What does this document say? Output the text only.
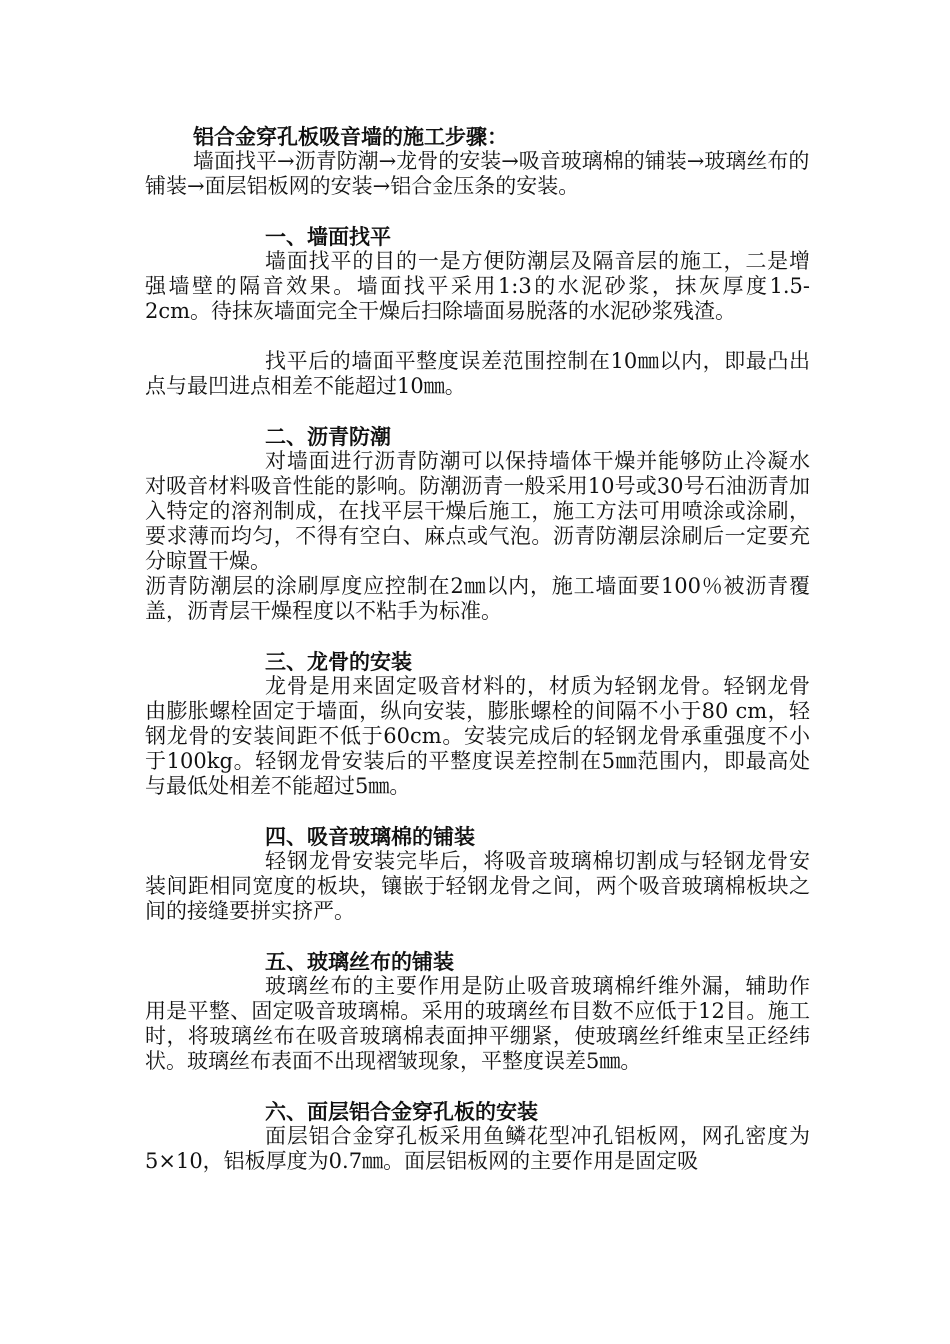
铝合金穿孔板吸音墙的施工步骤：

墙面找平→沥青防潮→龙骨的安装→吸音玻璃棉的铺装→玻璃丝布的铺装→面层铝板网的安装→铝合金压条的安装。

一、墙面找平

墙面找平的目的一是方便防潮层及隔音层的施工，二是增强墙壁的隔音效果。墙面找平采用1:3的水泥砂浆，抹灰厚度1.5-2cm。待抹灰墙面完全干燥后扫除墙面易脱落的水泥砂浆残渣。

找平后的墙面平整度误差范围控制在10㎜以内，即最凸出点与最凹进点相差不能超过10㎜。

二、沥青防潮

对墙面进行沥青防潮可以保持墙体干燥并能够防止冷凝水对吸音材料吸音性能的影响。防潮沥青一般采用10号或30号石油沥青加入特定的溶剂制成，在找平层干燥后施工，施工方法可用喷涂或涂刷，要求薄而均匀，不得有空白、麻点或气泡。沥青防潮层涂刷后一定要充分晾置干燥。

沥青防潮层的涂刷厚度应控制在2㎜以内，施工墙面要100％被沥青覆盖，沥青层干燥程度以不粘手为标准。

三、龙骨的安装

龙骨是用来固定吸音材料的，材质为轻钢龙骨。轻钢龙骨由膨胀螺栓固定于墙面，纵向安装，膨胀螺栓的间隔不小于80 cm，轻钢龙骨的安装间距不低于60cm。安装完成后的轻钢龙骨承重强度不小于100kg。轻钢龙骨安装后的平整度误差控制在5㎜范围内，即最高处与最低处相差不能超过5㎜。

四、吸音玻璃棉的铺装

轻钢龙骨安装完毕后，将吸音玻璃棉切割成与轻钢龙骨安装间距相同宽度的板块，镶嵌于轻钢龙骨之间，两个吸音玻璃棉板块之间的接缝要拼实挤严。

五、玻璃丝布的铺装

玻璃丝布的主要作用是防止吸音玻璃棉纤维外漏，辅助作用是平整、固定吸音玻璃棉。采用的玻璃丝布目数不应低于12目。施工时，将玻璃丝布在吸音玻璃棉表面抻平绷紧，使玻璃丝纤维束呈正经纬状。玻璃丝布表面不出现褶皱现象，平整度误差5㎜。

六、面层铝合金穿孔板的安装

面层铝合金穿孔板采用鱼鳞花型冲孔铝板网，网孔密度为5×10，铝板厚度为0.7㎜。面层铝板网的主要作用是固定吸
